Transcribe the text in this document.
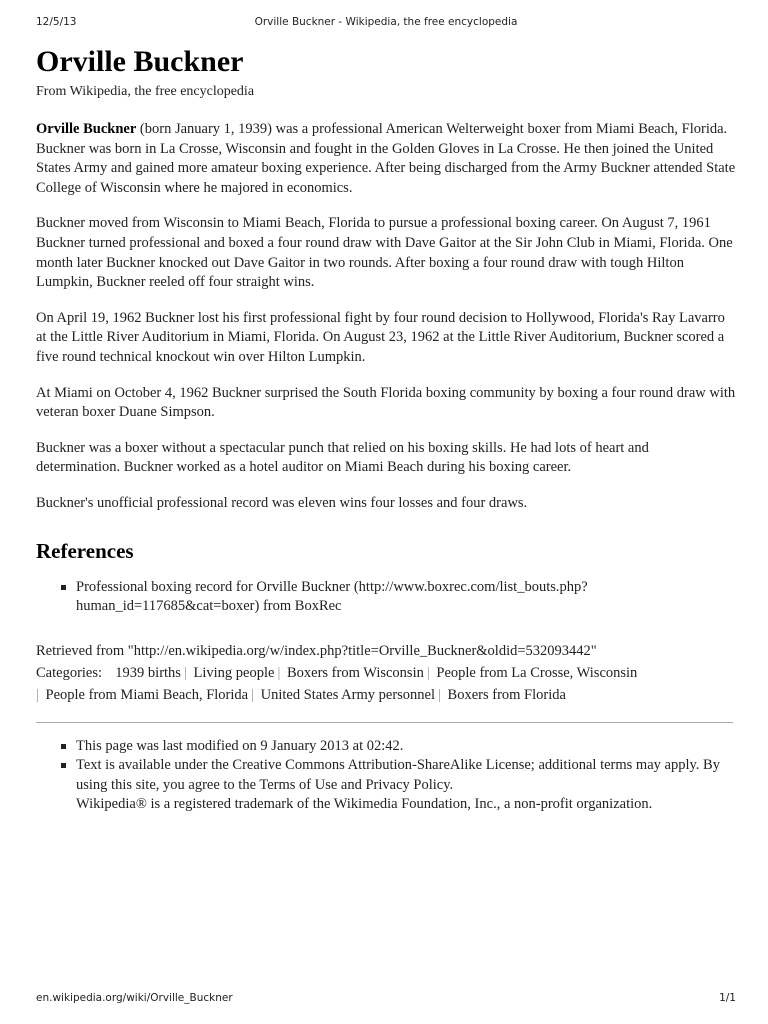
12/5/13	Orville Buckner - Wikipedia, the free encyclopedia
Orville Buckner
From Wikipedia, the free encyclopedia

Orville Buckner (born January 1, 1939) was a professional American Welterweight boxer from Miami Beach, Florida. Buckner was born in La Crosse, Wisconsin and fought in the Golden Gloves in La Crosse. He then joined the United States Army and gained more amateur boxing experience. After being discharged from the Army Buckner attended State College of Wisconsin where he majored in economics.

Buckner moved from Wisconsin to Miami Beach, Florida to pursue a professional boxing career. On August 7, 1961 Buckner turned professional and boxed a four round draw with Dave Gaitor at the Sir John Club in Miami, Florida. One month later Buckner knocked out Dave Gaitor in two rounds. After boxing a four round draw with tough Hilton Lumpkin, Buckner reeled off four straight wins.

On April 19, 1962 Buckner lost his first professional fight by four round decision to Hollywood, Florida's Ray Lavarro at the Little River Auditorium in Miami, Florida. On August 23, 1962 at the Little River Auditorium, Buckner scored a five round technical knockout win over Hilton Lumpkin.

At Miami on October 4, 1962 Buckner surprised the South Florida boxing community by boxing a four round draw with veteran boxer Duane Simpson.

Buckner was a boxer without a spectacular punch that relied on his boxing skills. He had lots of heart and determination. Buckner worked as a hotel auditor on Miami Beach during his boxing career.

Buckner's unofficial professional record was eleven wins four losses and four draws.

References
Professional boxing record for Orville Buckner (http://www.boxrec.com/list_bouts.php?human_id=117685&cat=boxer) from BoxRec
Retrieved from "http://en.wikipedia.org/w/index.php?title=Orville_Buckner&oldid=532093442"
Categories: 1939 births | Living people | Boxers from Wisconsin | People from La Crosse, Wisconsin
| People from Miami Beach, Florida | United States Army personnel | Boxers from Florida
This page was last modified on 9 January 2013 at 02:42.
Text is available under the Creative Commons Attribution-ShareAlike License; additional terms may apply. By using this site, you agree to the Terms of Use and Privacy Policy.
Wikipedia® is a registered trademark of the Wikimedia Foundation, Inc., a non-profit organization.
en.wikipedia.org/wiki/Orville_Buckner	1/1
